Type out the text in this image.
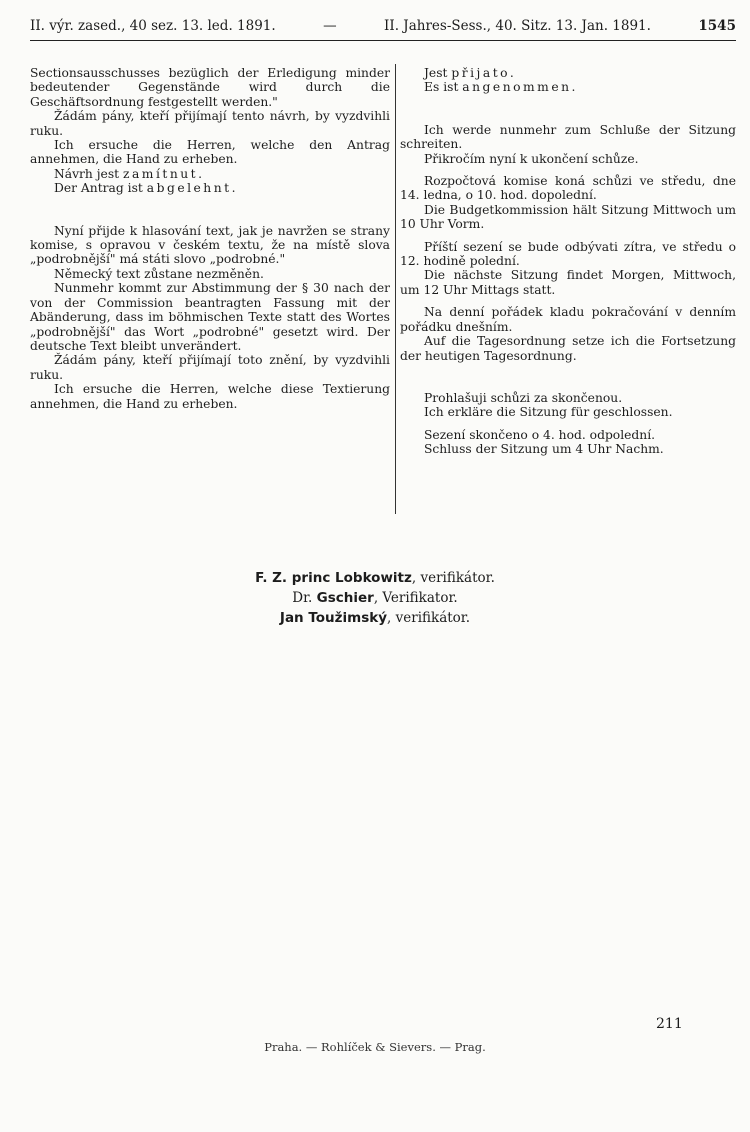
II. výr. zased., 40 sez. 13. led. 1891.	—	II. Jahres-Sess., 40. Sitz. 13. Jan. 1891.	1545

Sectionsausschusses bezüglich der Erledigung minder bedeutender Gegenstände wird durch die Geschäftsordnung festgestellt werden."

Žádám pány, kteří přijímají tento návrh, by vyzdvihli ruku.

Ich ersuche die Herren, welche den Antrag annehmen, die Hand zu erheben.

Návrh jest zamítnut.

Der Antrag ist abgelehnt.

Nyní přijde k hlasování text, jak je navržen se strany komise, s opravou v českém textu, že na místě slova „podrobnější" má státi slovo „podrobné."

Německý text zůstane nezměněn.

Nunmehr kommt zur Abstimmung der § 30 nach der von der Commission beantragten Fassung mit der Abänderung, dass im böhmischen Texte statt des Wortes „podrobnější" das Wort „podrobné" gesetzt wird. Der deutsche Text bleibt unverändert.

Žádám pány, kteří přijímají toto znění, by vyzdvihli ruku.

Ich ersuche die Herren, welche diese Textierung annehmen, die Hand zu erheben.

Jest přijato.

Es ist angenommen.

Ich werde nunmehr zum Schluße der Sitzung schreiten.

Přikročím nyní k ukončení schůze.

Rozpočtová komise koná schůzi ve středu, dne 14. ledna, o 10. hod. dopolední.

Die Budgetkommission hält Sitzung Mittwoch um 10 Uhr Vorm.

Příští sezení se bude odbývati zítra, ve středu o 12. hodině polední.

Die nächste Sitzung findet Morgen, Mittwoch, um 12 Uhr Mittags statt.

Na denní pořádek kladu pokračování v denním pořádku dnešním.

Auf die Tagesordnung setze ich die Fortsetzung der heutigen Tagesordnung.

Prohlašuji schůzi za skončenou.

Ich erkläre die Sitzung für geschlossen.

Sezení skončeno o 4. hod. odpolední.

Schluss der Sitzung um 4 Uhr Nachm.

F. Z. princ Lobkowitz, verifikátor.
Dr. Gschier, Verifikator.
Jan Toužimský, verifikátor.
211
Praha. — Rohlíček & Sievers. — Prag.
